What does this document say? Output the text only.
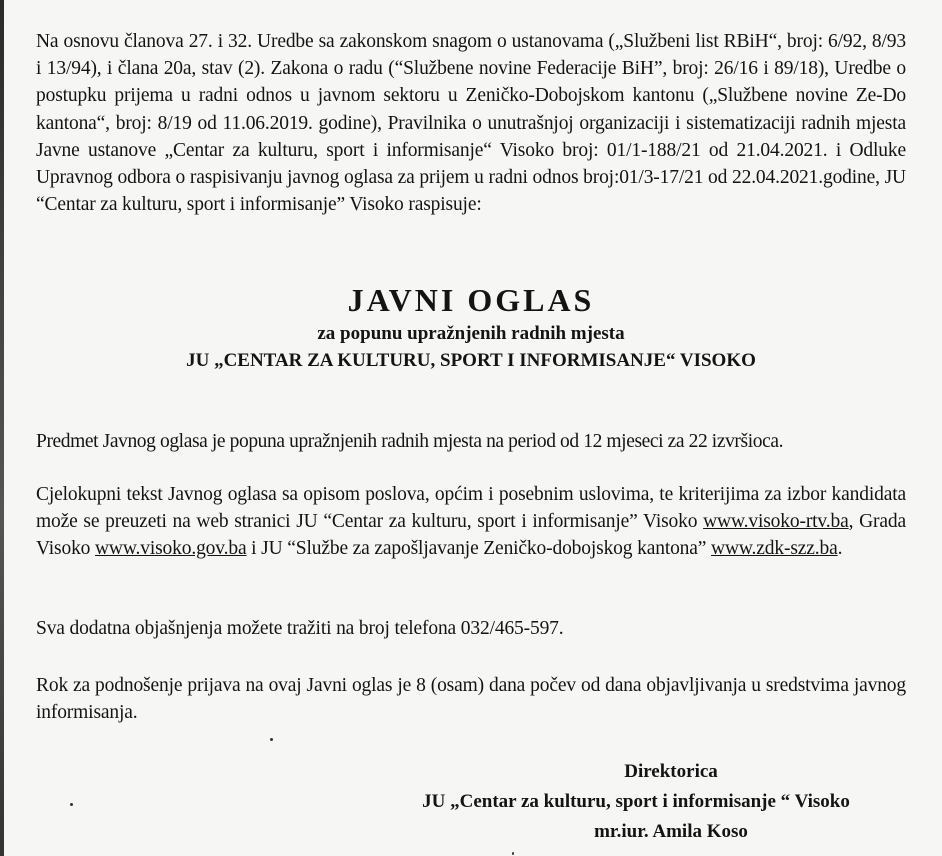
Na osnovu članova 27. i 32. Uredbe sa zakonskom snagom o ustanovama („Službeni list RBiH“, broj: 6/92, 8/93 i 13/94), i člana 20a, stav (2). Zakona o radu (“Službene novine Federacije BiH”, broj: 26/16 i 89/18), Uredbe o postupku prijema u radni odnos u javnom sektoru u Zeničko-Dobojskom kantonu („Službene novine Ze-Do kantona“, broj: 8/19 od 11.06.2019. godine), Pravilnika o unutrašnjoj organizaciji i sistematizaciji radnih mjesta Javne ustanove „Centar za kulturu, sport i informisanje“ Visoko broj: 01/1-188/21 od 21.04.2021. i Odluke Upravnog odbora o raspisivanju javnog oglasa za prijem u radni odnos broj:01/3-17/21 od 22.04.2021.godine, JU “Centar za kulturu, sport i informisanje” Visoko raspisuje:

JAVNI OGLAS

za popunu upražnjenih radnih mjesta

JU „CENTAR ZA KULTURU, SPORT I INFORMISANJE“ VISOKO

Predmet Javnog oglasa je popuna upražnjenih radnih mjesta na period od 12 mjeseci za 22 izvršioca.

Cjelokupni tekst Javnog oglasa sa opisom poslova, općim i posebnim uslovima, te kriterijima za izbor kandidata može se preuzeti na web stranici JU “Centar za kulturu, sport i informisanje” Visoko www.visoko-rtv.ba, Grada Visoko www.visoko.gov.ba i JU “Službe za zapošljavanje Zeničko-dobojskog kantona” www.zdk-szz.ba.

Sva dodatna objašnjenja možete tražiti na broj telefona 032/465-597.

Rok za podnošenje prijava na ovaj Javni oglas je 8 (osam) dana počev od dana objavljivanja u sredstvima javnog informisanja.

Direktorica

JU „Centar za kulturu, sport i informisanje “ Visoko

mr.iur. Amila Koso
